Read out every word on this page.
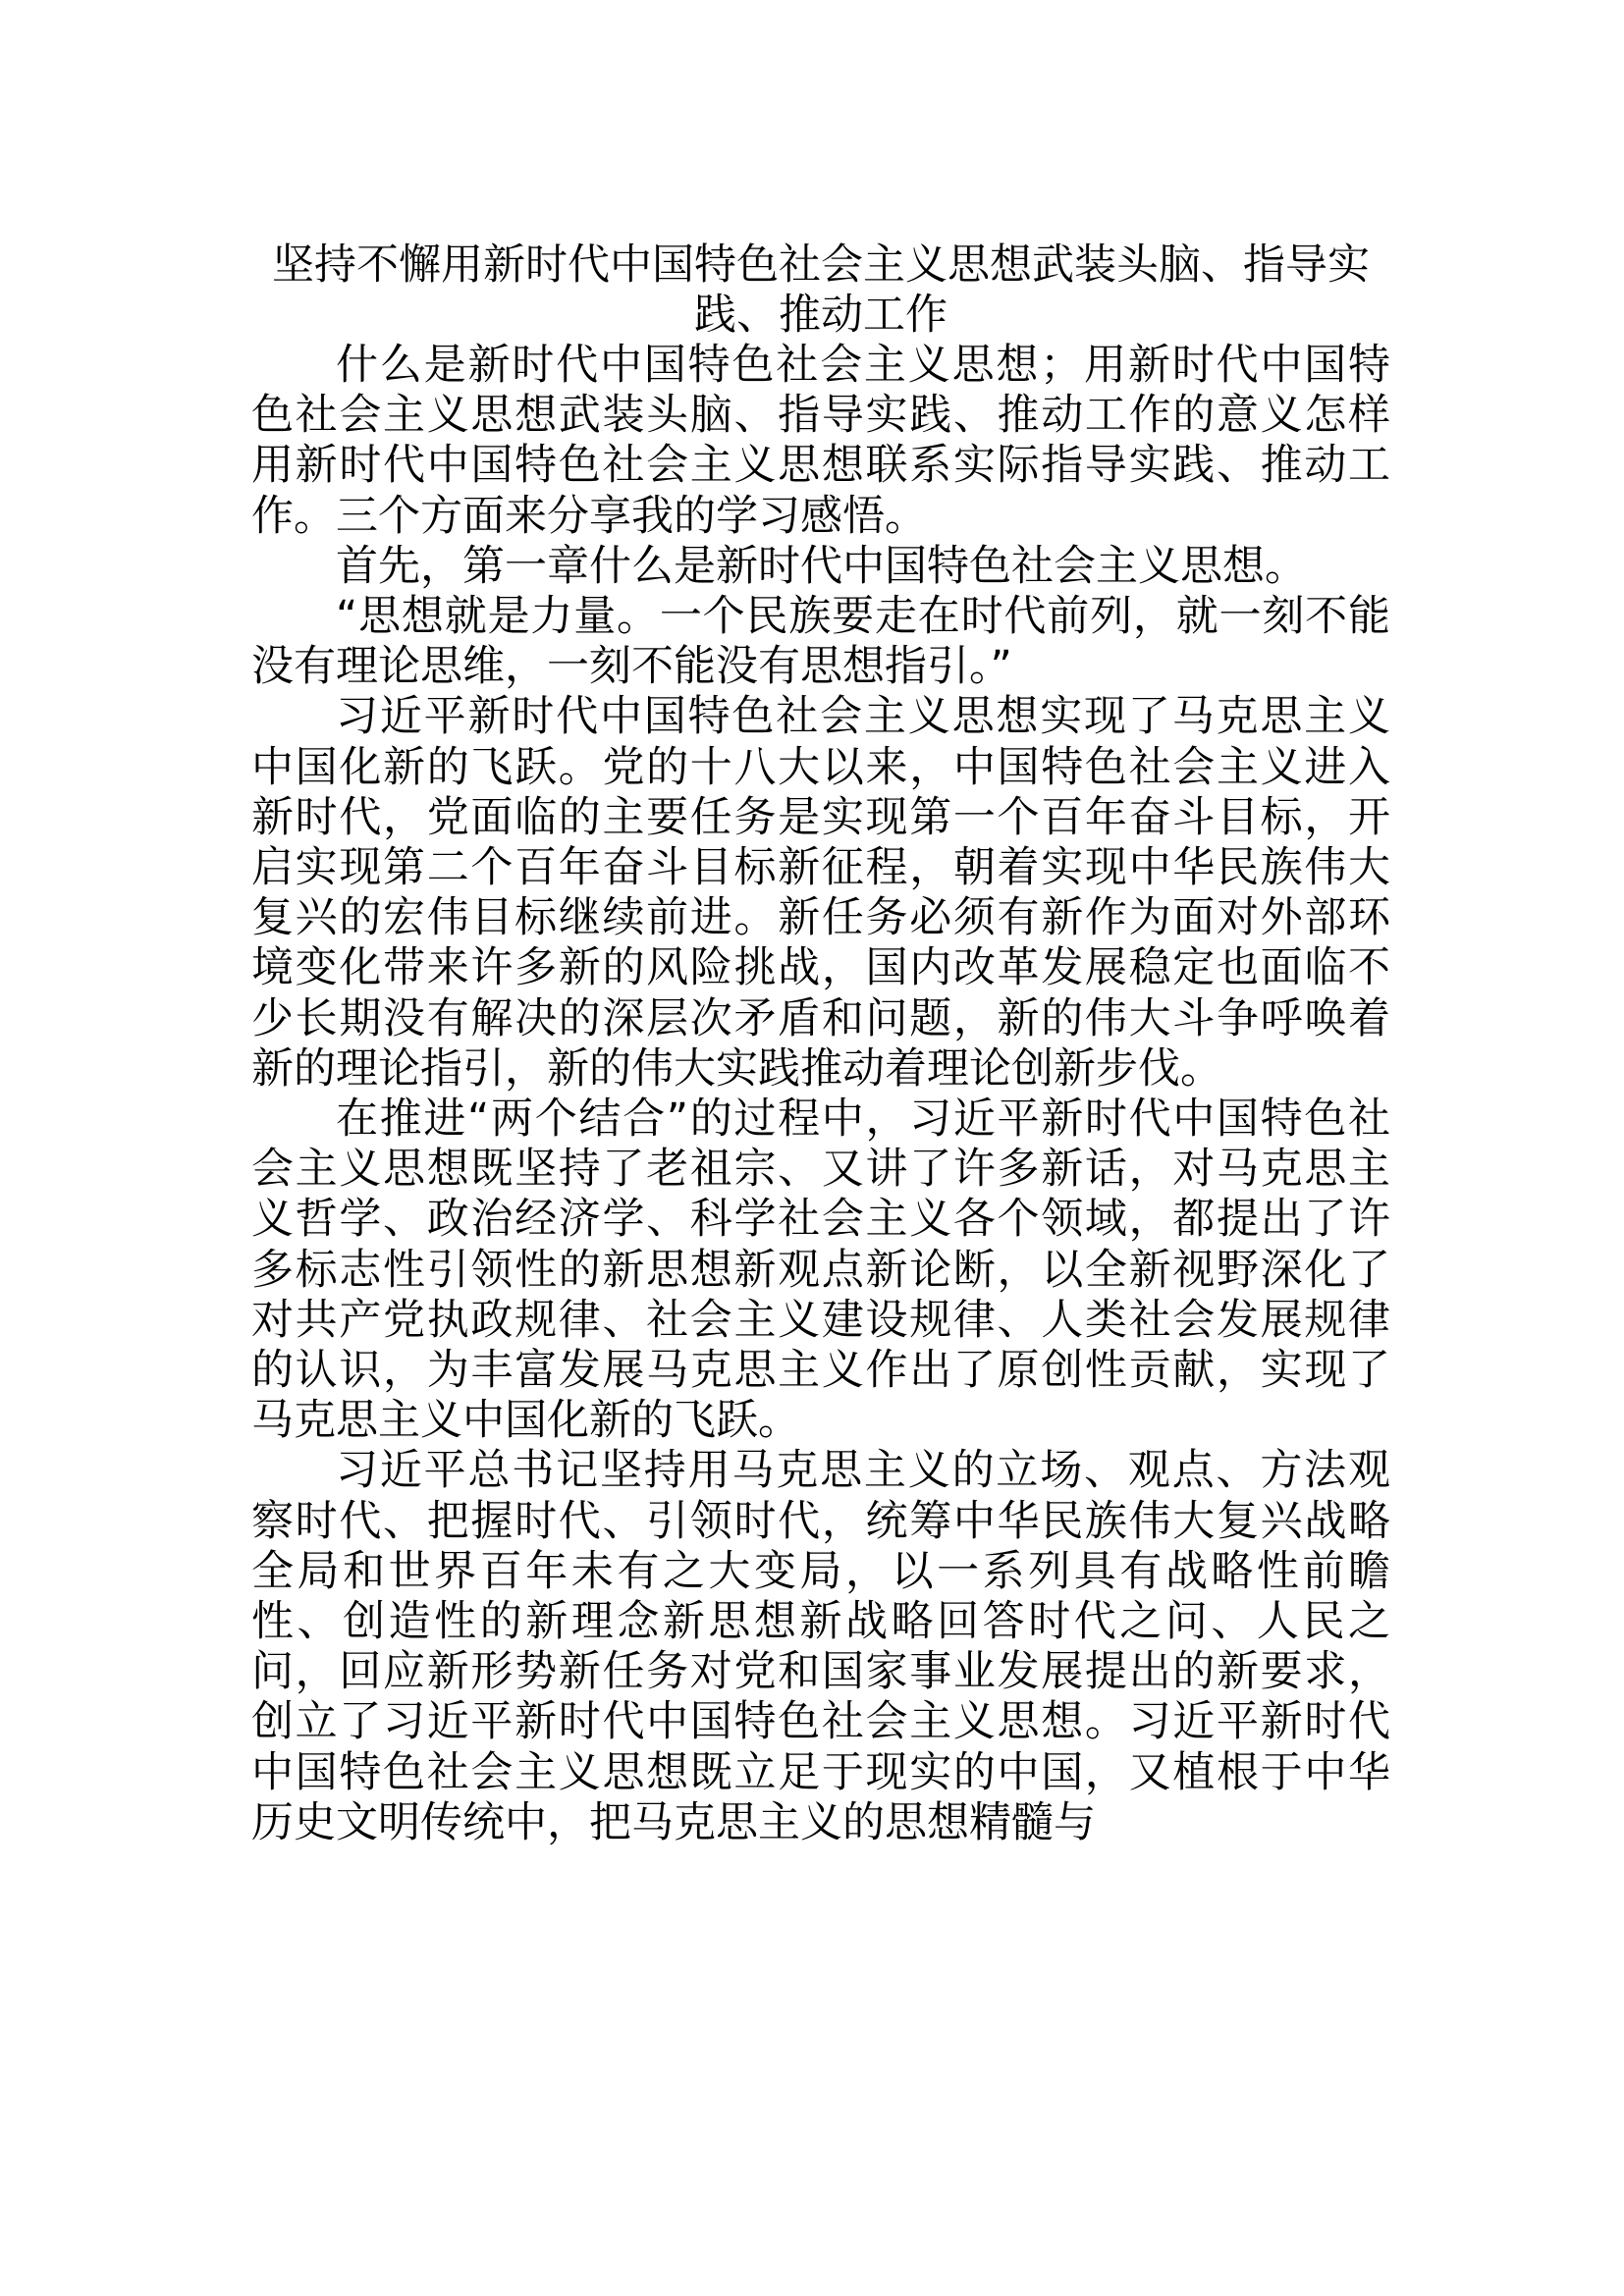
坚持不懈用新时代中国特色社会主义思想武装头脑、指导实践、推动工作

什么是新时代中国特色社会主义思想；用新时代中国特色社会主义思想武装头脑、指导实践、推动工作的意义怎样用新时代中国特色社会主义思想联系实际指导实践、推动工作。三个方面来分享我的学习感悟。

首先，第一章什么是新时代中国特色社会主义思想。

“思想就是力量。一个民族要走在时代前列，就一刻不能没有理论思维，一刻不能没有思想指引。”

习近平新时代中国特色社会主义思想实现了马克思主义中国化新的飞跃。党的十八大以来，中国特色社会主义进入新时代，党面临的主要任务是实现第一个百年奋斗目标，开启实现第二个百年奋斗目标新征程，朝着实现中华民族伟大复兴的宏伟目标继续前进。新任务必须有新作为面对外部环境变化带来许多新的风险挑战，国内改革发展稳定也面临不少长期没有解决的深层次矛盾和问题，新的伟大斗争呼唤着新的理论指引，新的伟大实践推动着理论创新步伐。

在推进“两个结合”的过程中，习近平新时代中国特色社会主义思想既坚持了老祖宗、又讲了许多新话，对马克思主义哲学、政治经济学、科学社会主义各个领域，都提出了许多标志性引领性的新思想新观点新论断，以全新视野深化了对共产党执政规律、社会主义建设规律、人类社会发展规律的认识，为丰富发展马克思主义作出了原创性贡献，实现了马克思主义中国化新的飞跃。

习近平总书记坚持用马克思主义的立场、观点、方法观察时代、把握时代、引领时代，统筹中华民族伟大复兴战略全局和世界百年未有之大变局，以一系列具有战略性前瞻性、创造性的新理念新思想新战略回答时代之问、人民之问，回应新形势新任务对党和国家事业发展提出的新要求，创立了习近平新时代中国特色社会主义思想。习近平新时代中国特色社会主义思想既立足于现实的中国，又植根于中华历史文明传统中，把马克思主义的思想精髓与
